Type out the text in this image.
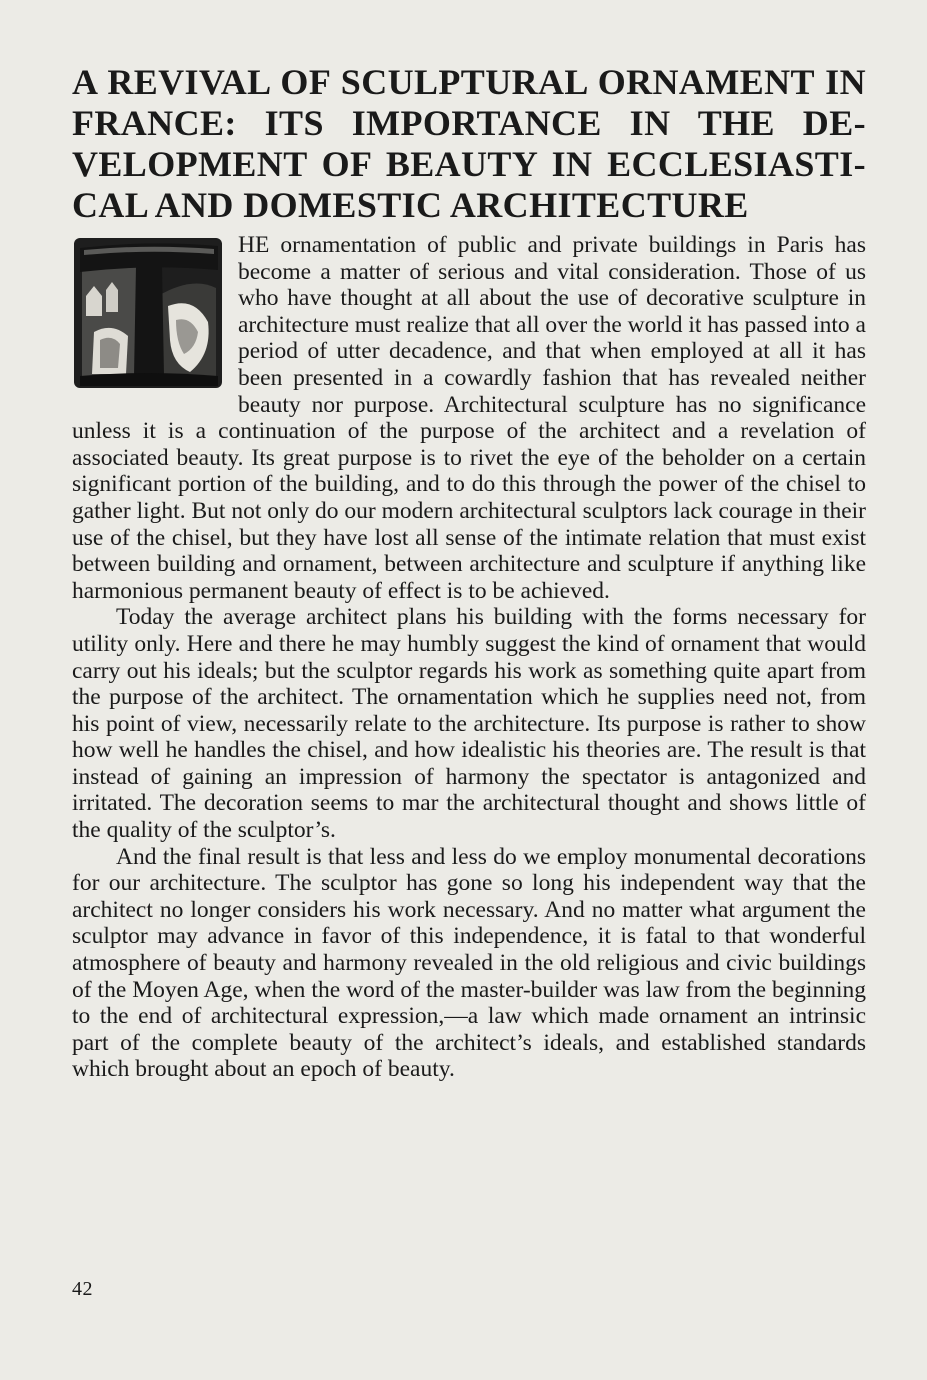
A REVIVAL OF SCULPTURAL ORNAMENT IN
FRANCE: ITS IMPORTANCE IN THE DE-
VELOPMENT OF BEAUTY IN ECCLESIASTI-
CAL AND DOMESTIC ARCHITECTURE

HE ornamentation of public and private buildings in Paris has become a matter of serious and vital consideration. Those of us who have thought at all about the use of decorative sculpture in architecture must realize that all over the world it has passed into a period of utter decadence, and that when employed at all it has been presented in a cowardly fashion that has revealed neither beauty nor purpose. Architectural sculpture has no significance unless it is a continuation of the purpose of the architect and a revelation of associated beauty. Its great purpose is to rivet the eye of the beholder on a certain significant portion of the building, and to do this through the power of the chisel to gather light. But not only do our modern architectural sculptors lack courage in their use of the chisel, but they have lost all sense of the intimate relation that must exist between building and ornament, between architecture and sculpture if anything like harmonious permanent beauty of effect is to be achieved.

Today the average architect plans his building with the forms necessary for utility only. Here and there he may humbly suggest the kind of ornament that would carry out his ideals; but the sculptor regards his work as something quite apart from the purpose of the architect. The ornamentation which he supplies need not, from his point of view, necessarily relate to the architecture. Its purpose is rather to show how well he handles the chisel, and how idealistic his theories are. The result is that instead of gaining an impression of harmony the spectator is antagonized and irritated. The decoration seems to mar the architectural thought and shows little of the quality of the sculptor’s.

And the final result is that less and less do we employ monumental decorations for our architecture. The sculptor has gone so long his independent way that the architect no longer considers his work necessary. And no matter what argument the sculptor may advance in favor of this independence, it is fatal to that wonderful atmosphere of beauty and harmony revealed in the old religious and civic buildings of the Moyen Age, when the word of the master-builder was law from the beginning to the end of architectural expression,—a law which made ornament an intrinsic part of the complete beauty of the architect’s ideals, and established standards which brought about an epoch of beauty.

42
